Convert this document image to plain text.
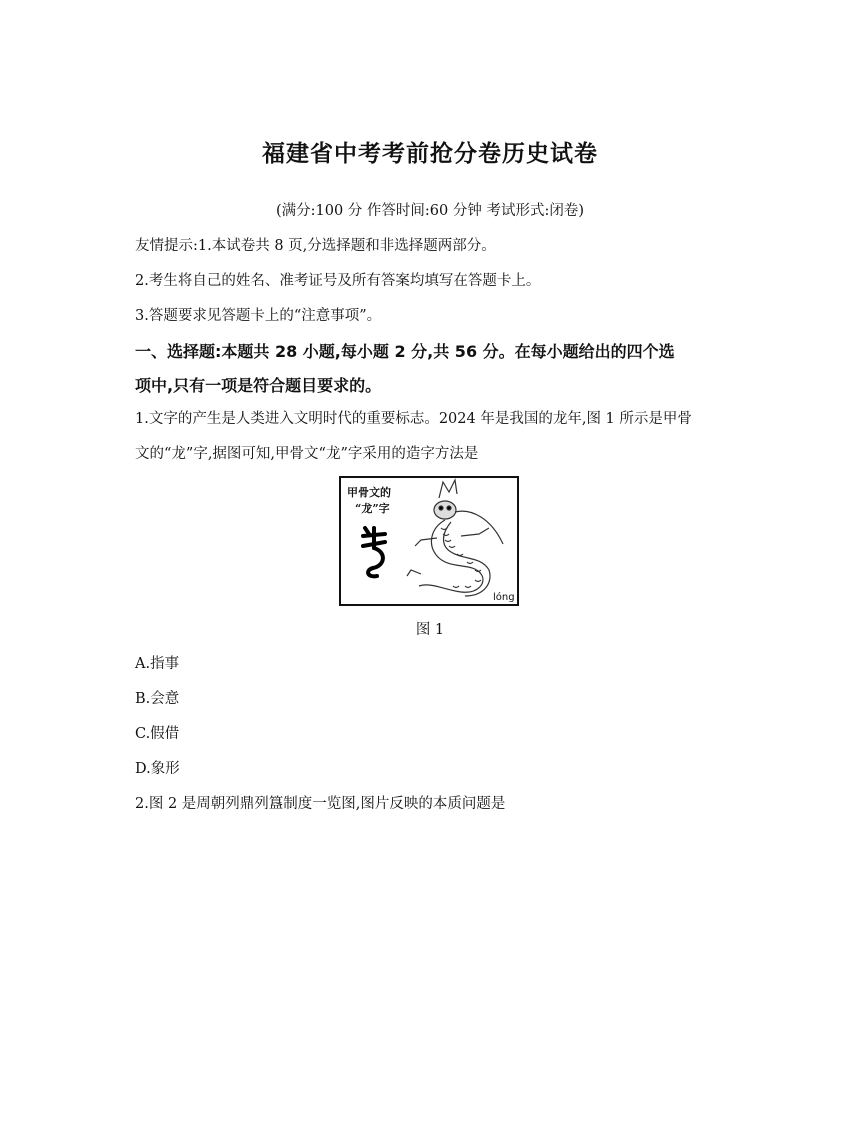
福建省中考考前抢分卷历史试卷
(满分:100 分 作答时间:60 分钟 考试形式:闭卷)
友情提示:1.本试卷共 8 页,分选择题和非选择题两部分。
2.考生将自己的姓名、准考证号及所有答案均填写在答题卡上。
3.答题要求见答题卡上的“注意事项”。
一、选择题:本题共 28 小题,每小题 2 分,共 56 分。在每小题给出的四个选
项中,只有一项是符合题目要求的。
1.文字的产生是人类进入文明时代的重要标志。2024 年是我国的龙年,图 1 所示是甲骨
文的“龙”字,据图可知,甲骨文“龙”字采用的造字方法是
甲骨文的
“龙”字
lóng
图 1
A.指事
B.会意
C.假借
D.象形
2.图 2 是周朝列鼎列簋制度一览图,图片反映的本质问题是
